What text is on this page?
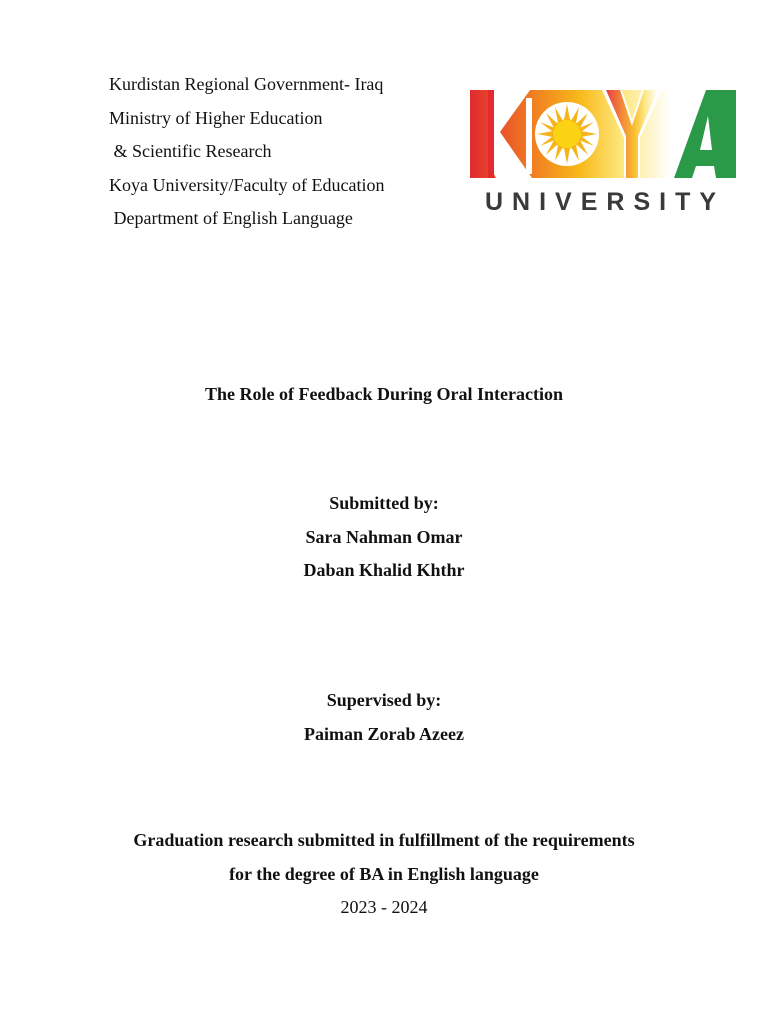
Kurdistan Regional Government- Iraq
Ministry of Higher Education
& Scientific Research
Koya University/Faculty of Education
Department of English Language
UNIVERSITY
The Role of Feedback During Oral Interaction
Submitted by:
Sara Nahman Omar
Daban Khalid Khthr
Supervised by:
Paiman Zorab Azeez
Graduation research submitted in fulfillment of the requirements
for the degree of BA in English language
2023 - 2024
